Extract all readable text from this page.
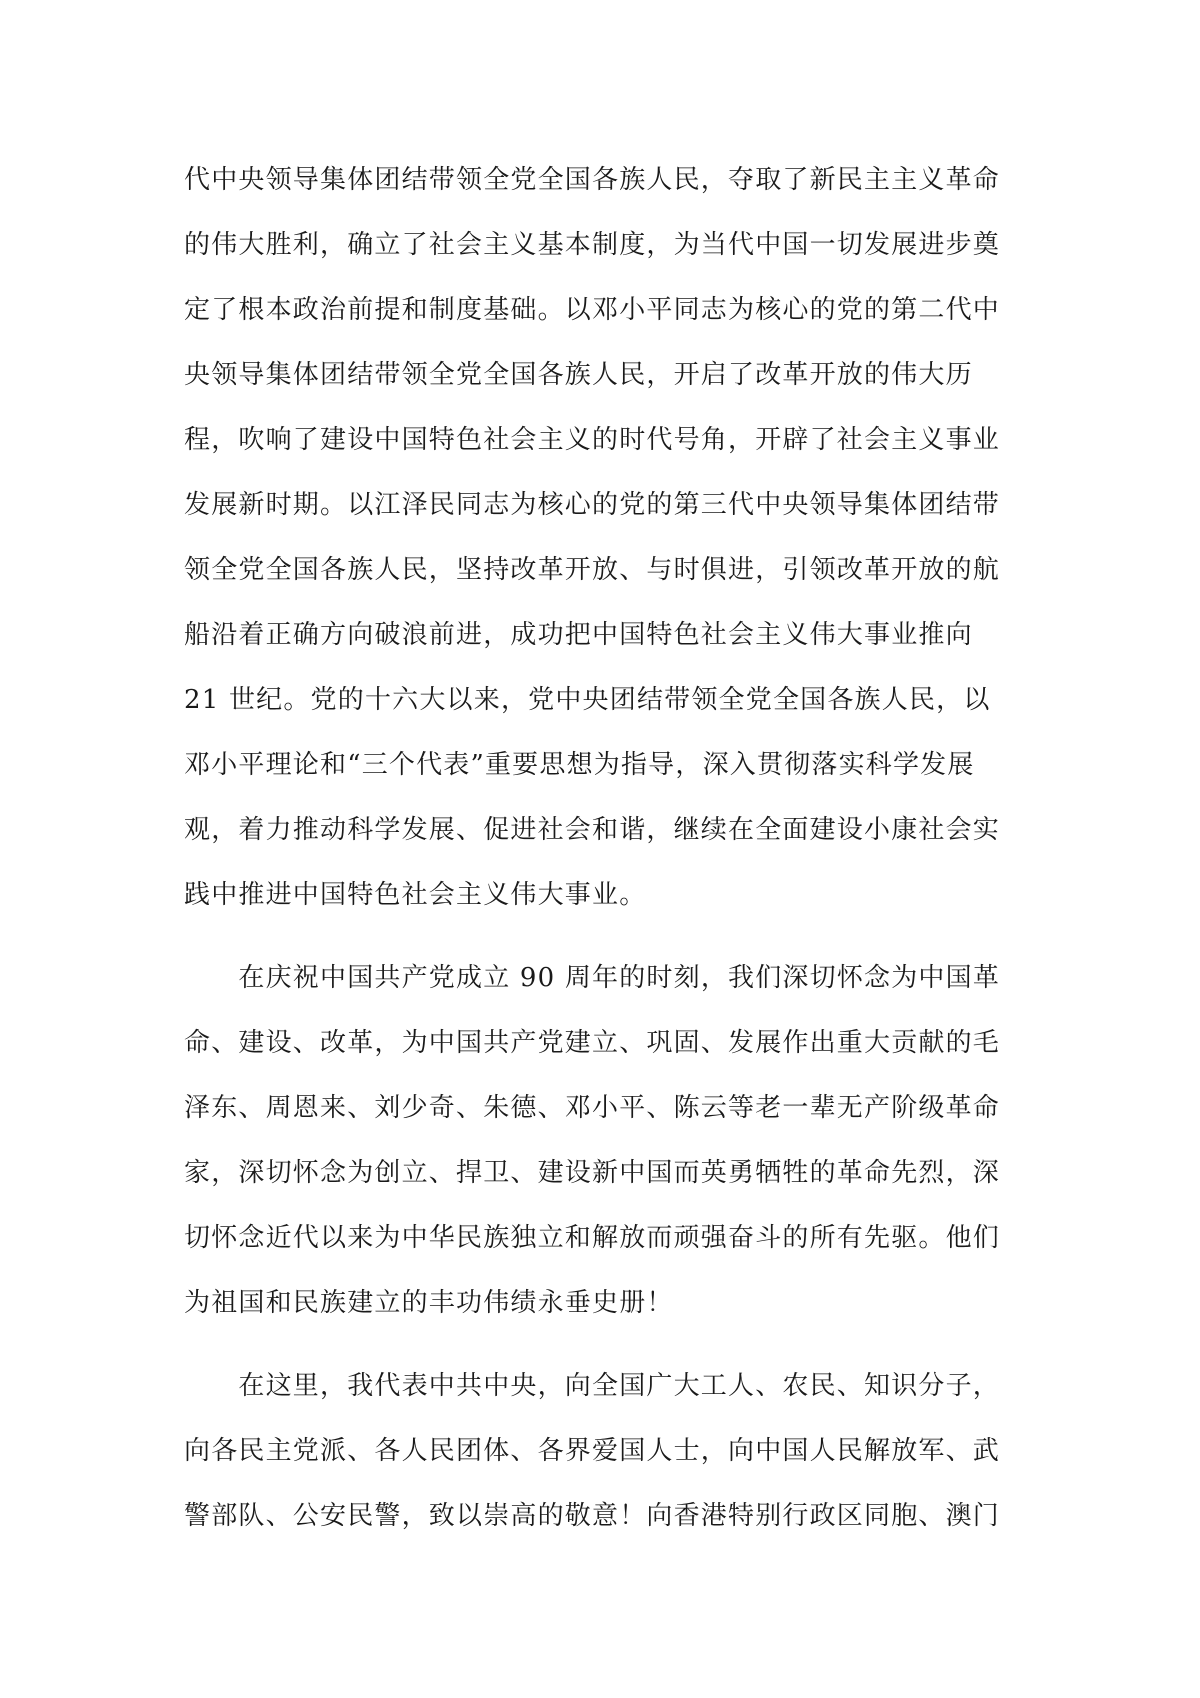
代中央领导集体团结带领全党全国各族人民，夺取了新民主主义革命
的伟大胜利，确立了社会主义基本制度，为当代中国一切发展进步奠
定了根本政治前提和制度基础。以邓小平同志为核心的党的第二代中
央领导集体团结带领全党全国各族人民，开启了改革开放的伟大历
程，吹响了建设中国特色社会主义的时代号角，开辟了社会主义事业
发展新时期。以江泽民同志为核心的党的第三代中央领导集体团结带
领全党全国各族人民，坚持改革开放、与时俱进，引领改革开放的航
船沿着正确方向破浪前进，成功把中国特色社会主义伟大事业推向
21 世纪。党的十六大以来，党中央团结带领全党全国各族人民，以
邓小平理论和“三个代表”重要思想为指导，深入贯彻落实科学发展
观，着力推动科学发展、促进社会和谐，继续在全面建设小康社会实
践中推进中国特色社会主义伟大事业。
　　在庆祝中国共产党成立 90 周年的时刻，我们深切怀念为中国革
命、建设、改革，为中国共产党建立、巩固、发展作出重大贡献的毛
泽东、周恩来、刘少奇、朱德、邓小平、陈云等老一辈无产阶级革命
家，深切怀念为创立、捍卫、建设新中国而英勇牺牲的革命先烈，深
切怀念近代以来为中华民族独立和解放而顽强奋斗的所有先驱。他们
为祖国和民族建立的丰功伟绩永垂史册！
　　在这里，我代表中共中央，向全国广大工人、农民、知识分子，
向各民主党派、各人民团体、各界爱国人士，向中国人民解放军、武
警部队、公安民警，致以崇高的敬意！向香港特别行政区同胞、澳门
